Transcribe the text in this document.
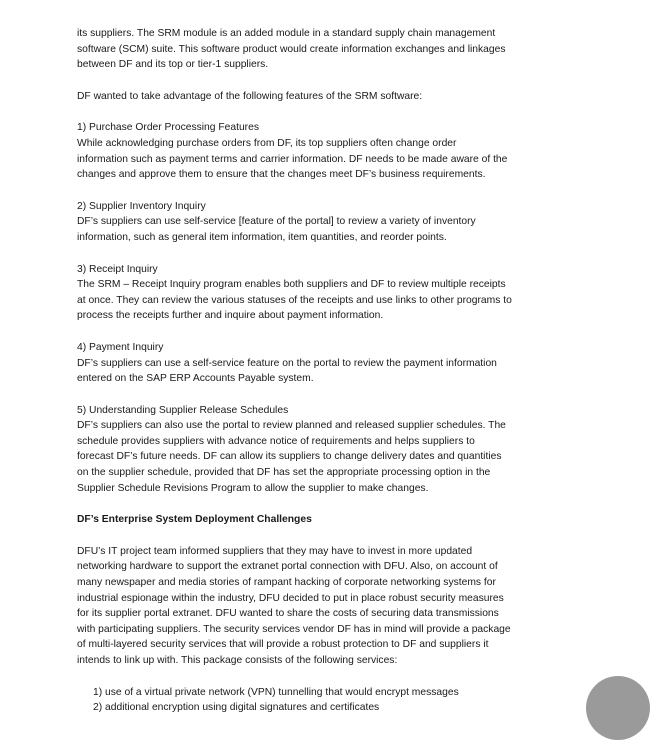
its suppliers. The SRM module is an added module in a standard supply chain management
software (SCM) suite. This software product would create information exchanges and linkages
between DF and its top or tier-1 suppliers.

DF wanted to take advantage of the following features of the SRM software:

1) Purchase Order Processing Features
While acknowledging purchase orders from DF, its top suppliers often change order
information such as payment terms and carrier information. DF needs to be made aware of the
changes and approve them to ensure that the changes meet DF’s business requirements.

2) Supplier Inventory Inquiry
DF’s suppliers can use self-service [feature of the portal] to review a variety of inventory
information, such as general item information, item quantities, and reorder points.

3) Receipt Inquiry
The SRM – Receipt Inquiry program enables both suppliers and DF to review multiple receipts
at once. They can review the various statuses of the receipts and use links to other programs to
process the receipts further and inquire about payment information.

4) Payment Inquiry
DF’s suppliers can use a self-service feature on the portal to review the payment information
entered on the SAP ERP Accounts Payable system.

5) Understanding Supplier Release Schedules
DF’s suppliers can also use the portal to review planned and released supplier schedules. The
schedule provides suppliers with advance notice of requirements and helps suppliers to
forecast DF’s future needs. DF can allow its suppliers to change delivery dates and quantities
on the supplier schedule, provided that DF has set the appropriate processing option in the
Supplier Schedule Revisions Program to allow the supplier to make changes.

DF’s Enterprise System Deployment Challenges

DFU’s IT project team informed suppliers that they may have to invest in more updated
networking hardware to support the extranet portal connection with DFU. Also, on account of
many newspaper and media stories of rampant hacking of corporate networking systems for
industrial espionage within the industry, DFU decided to put in place robust security measures
for its supplier portal extranet. DFU wanted to share the costs of securing data transmissions
with participating suppliers. The security services vendor DF has in mind will provide a package
of multi-layered security services that will provide a robust protection to DF and suppliers it
intends to link up with. This package consists of the following services:

1) use of a virtual private network (VPN) tunnelling that would encrypt messages
2) additional encryption using digital signatures and certificates
